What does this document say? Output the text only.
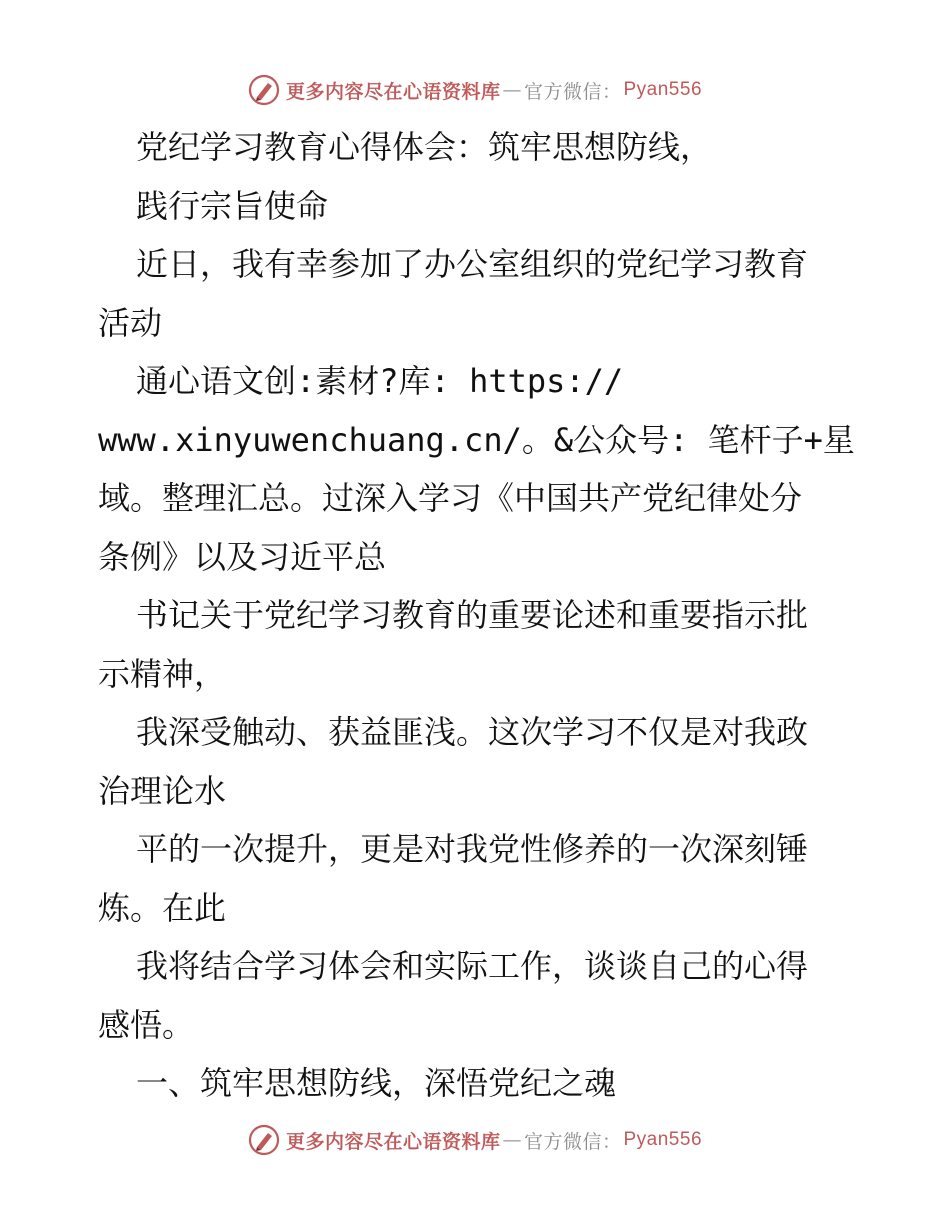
更多内容尽在心语资料库 — 官方微信： Pyan556
党纪学习教育心得体会：筑牢思想防线，
践行宗旨使命
近日，我有幸参加了办公室组织的党纪学习教育
活动
通心语文创:素材?库: https://
www.xinyuwenchuang.cn/。&公众号: 笔杆子+星
域。整理汇总。过深入学习《中国共产党纪律处分
条例》以及习近平总
书记关于党纪学习教育的重要论述和重要指示批
示精神，
我深受触动、获益匪浅。这次学习不仅是对我政
治理论水
平的一次提升，更是对我党性修养的一次深刻锤
炼。在此
我将结合学习体会和实际工作，谈谈自己的心得
感悟。
一、筑牢思想防线，深悟党纪之魂
更多内容尽在心语资料库 — 官方微信： Pyan556
